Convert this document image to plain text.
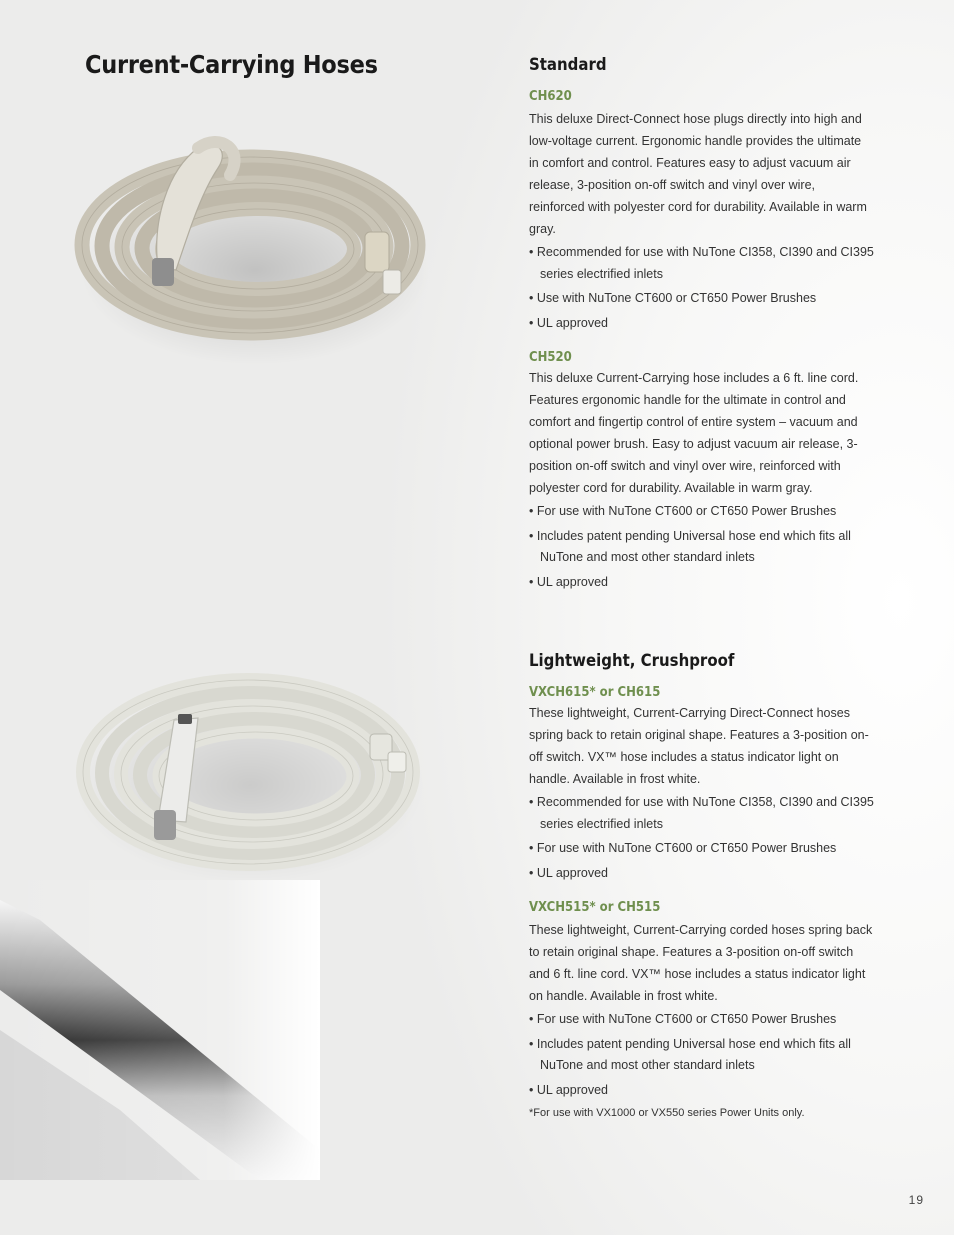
Current-Carrying Hoses	Standard
CH620

This deluxe Direct-Connect hose plugs directly into high and low-voltage current. Ergonomic handle provides the ultimate in comfort and control. Features easy to adjust vacuum air release, 3-position on-off switch and vinyl over wire, reinforced with polyester cord for durability. Available in warm gray.

• Recommended for use with NuTone CI358, CI390 and CI395 series electrified inlets
• Use with NuTone CT600 or CT650 Power Brushes
• UL approved
CH520

This deluxe Current-Carrying hose includes a 6 ft. line cord. Features ergonomic handle for the ultimate in control and comfort and fingertip control of entire system – vacuum and optional power brush. Easy to adjust vacuum air release, 3-position on-off switch and vinyl over wire, reinforced with polyester cord for durability. Available in warm gray.

• For use with NuTone CT600 or CT650 Power Brushes
• Includes patent pending Universal hose end which fits all NuTone and most other standard inlets
• UL approved
Lightweight, Crushproof
VXCH615* or CH615

These lightweight, Current-Carrying Direct-Connect hoses spring back to retain original shape. Features a 3-position on-off switch. VX™ hose includes a status indicator light on handle. Available in frost white.

• Recommended for use with NuTone CI358, CI390 and CI395 series electrified inlets
• For use with NuTone CT600 or CT650 Power Brushes
• UL approved
VXCH515* or CH515

These lightweight, Current-Carrying corded hoses spring back to retain original shape. Features a 3-position on-off switch and 6 ft. line cord. VX™ hose includes a status indicator light on handle. Available in frost white.

• For use with NuTone CT600 or CT650 Power Brushes
• Includes patent pending Universal hose end which fits all NuTone and most other standard inlets
• UL approved

*For use with VX1000 or VX550 series Power Units only.

19
